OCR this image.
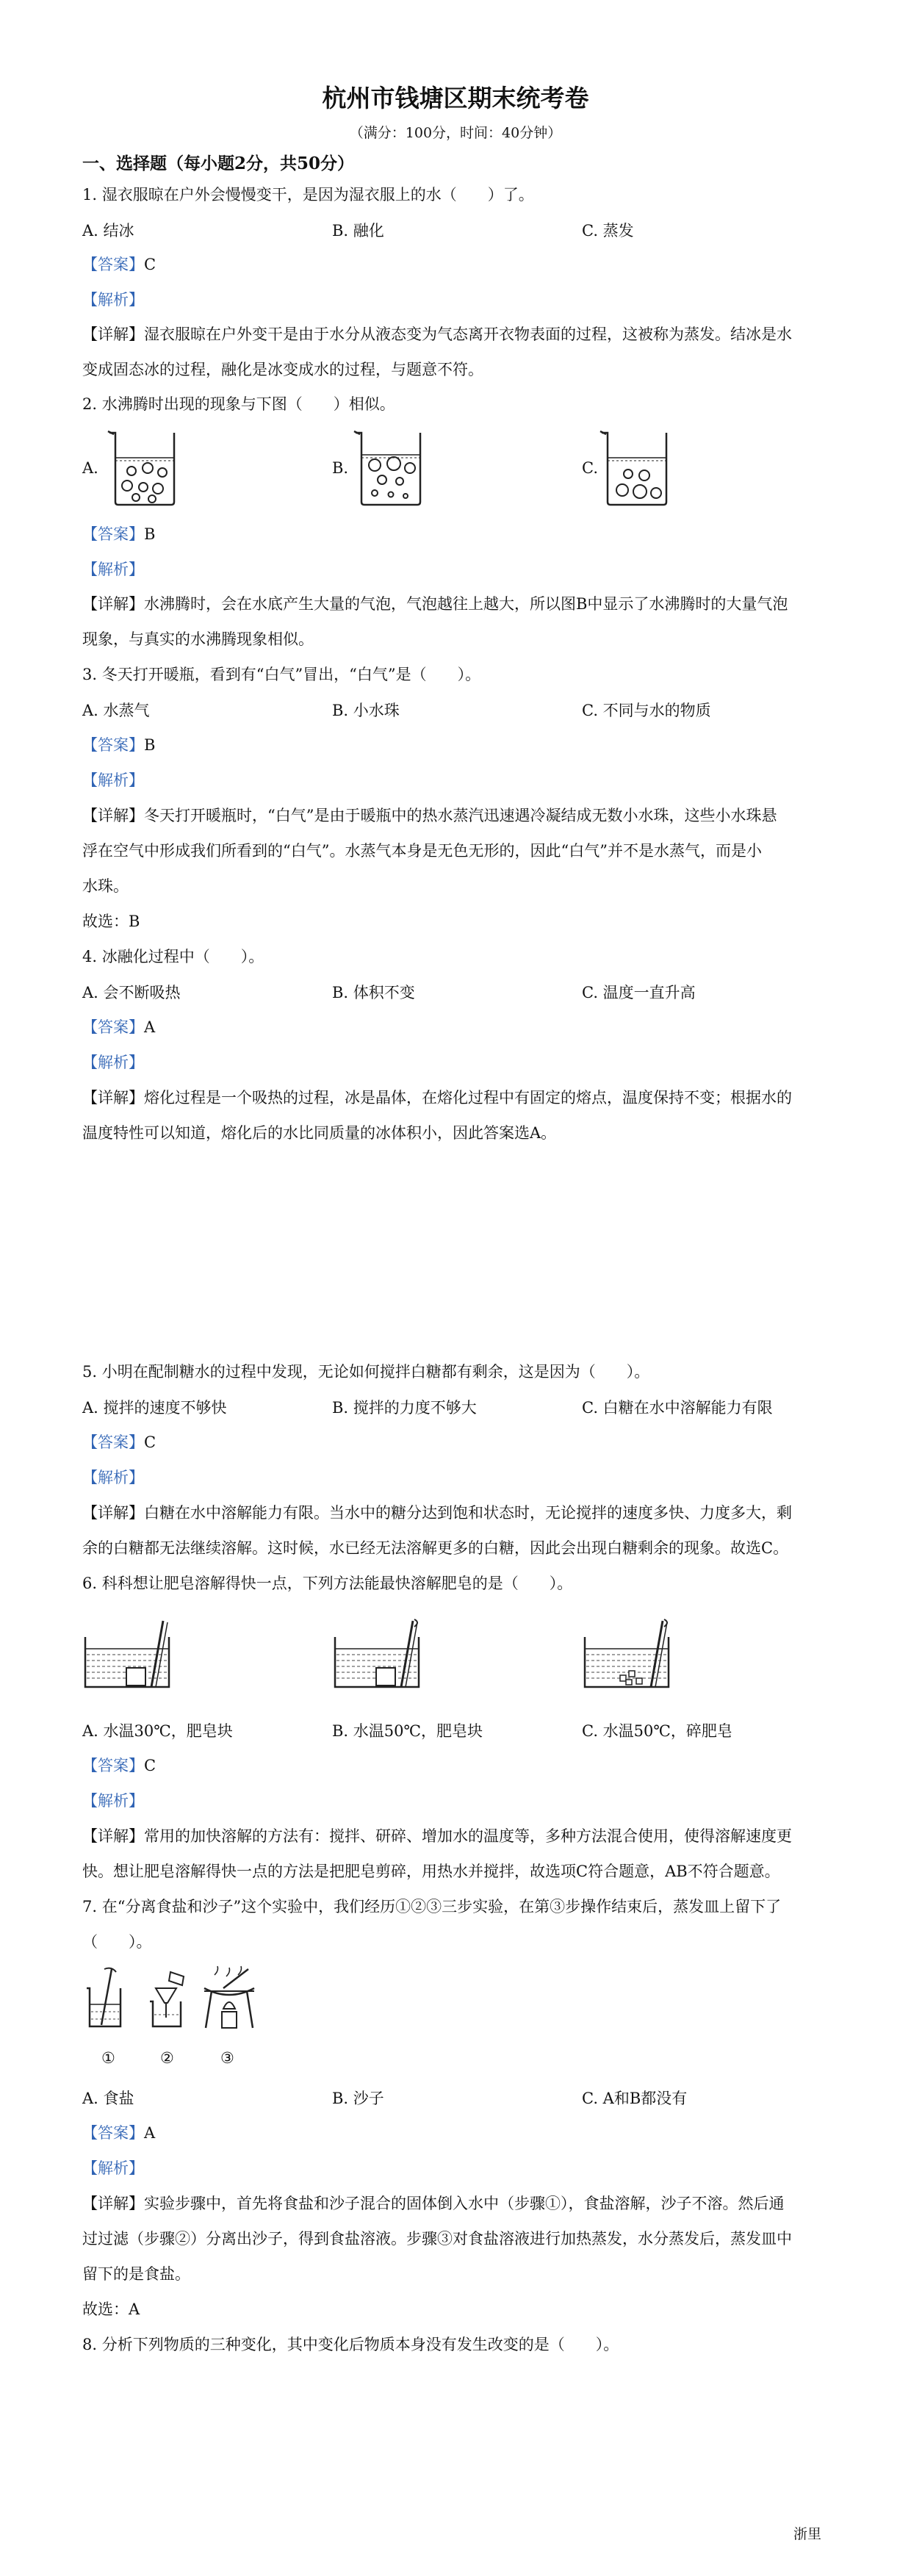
杭州市钱塘区期末统考卷
（满分：100分，时间：40分钟）
一、选择题（每小题2分，共50分）
1. 湿衣服晾在户外会慢慢变干，是因为湿衣服上的水（　　）了。
A. 结冰	B. 融化	C. 蒸发
【答案】C
【解析】
【详解】湿衣服晾在户外变干是由于水分从液态变为气态离开衣物表面的过程，这被称为蒸发。结冰是水
变成固态冰的过程，融化是冰变成水的过程，与题意不符。
2. 水沸腾时出现的现象与下图（　　）相似。
A.	B.	C.
【答案】B
【解析】
【详解】水沸腾时，会在水底产生大量的气泡，气泡越往上越大，所以图B中显示了水沸腾时的大量气泡
现象，与真实的水沸腾现象相似。
3. 冬天打开暖瓶，看到有“白气”冒出，“白气”是（　　）。
A. 水蒸气	B. 小水珠	C. 不同与水的物质
【答案】B
【解析】
【详解】冬天打开暖瓶时，“白气”是由于暖瓶中的热水蒸汽迅速遇冷凝结成无数小水珠，这些小水珠悬
浮在空气中形成我们所看到的“白气”。水蒸气本身是无色无形的，因此“白气”并不是水蒸气，而是小
水珠。
故选：B
4. 冰融化过程中（　　）。
A. 会不断吸热	B. 体积不变	C. 温度一直升高
【答案】A
【解析】
【详解】熔化过程是一个吸热的过程，冰是晶体，在熔化过程中有固定的熔点，温度保持不变；根据水的
温度特性可以知道，熔化后的水比同质量的冰体积小，因此答案选A。
5. 小明在配制糖水的过程中发现，无论如何搅拌白糖都有剩余，这是因为（　　）。
A. 搅拌的速度不够快	B. 搅拌的力度不够大	C. 白糖在水中溶解能力有限
【答案】C
【解析】
【详解】白糖在水中溶解能力有限。当水中的糖分达到饱和状态时，无论搅拌的速度多快、力度多大，剩
余的白糖都无法继续溶解。这时候，水已经无法溶解更多的白糖，因此会出现白糖剩余的现象。故选C。
6. 科科想让肥皂溶解得快一点，下列方法能最快溶解肥皂的是（　　）。
A. 水温30℃，肥皂块	B. 水温50℃，肥皂块	C. 水温50℃，碎肥皂
【答案】C
【解析】
【详解】常用的加快溶解的方法有：搅拌、研碎、增加水的温度等，多种方法混合使用，使得溶解速度更
快。想让肥皂溶解得快一点的方法是把肥皂剪碎，用热水并搅拌，故选项C符合题意，AB不符合题意。
7. 在“分离食盐和沙子”这个实验中，我们经历①②③三步实验，在第③步操作结束后，蒸发皿上留下了
（　　）。
①	②	③
A. 食盐	B. 沙子	C. A和B都没有
【答案】A
【解析】
【详解】实验步骤中，首先将食盐和沙子混合的固体倒入水中（步骤①），食盐溶解，沙子不溶。然后通
过过滤（步骤②）分离出沙子，得到食盐溶液。步骤③对食盐溶液进行加热蒸发，水分蒸发后，蒸发皿中
留下的是食盐。
故选：A
8. 分析下列物质的三种变化，其中变化后物质本身没有发生改变的是（　　）。
浙里
